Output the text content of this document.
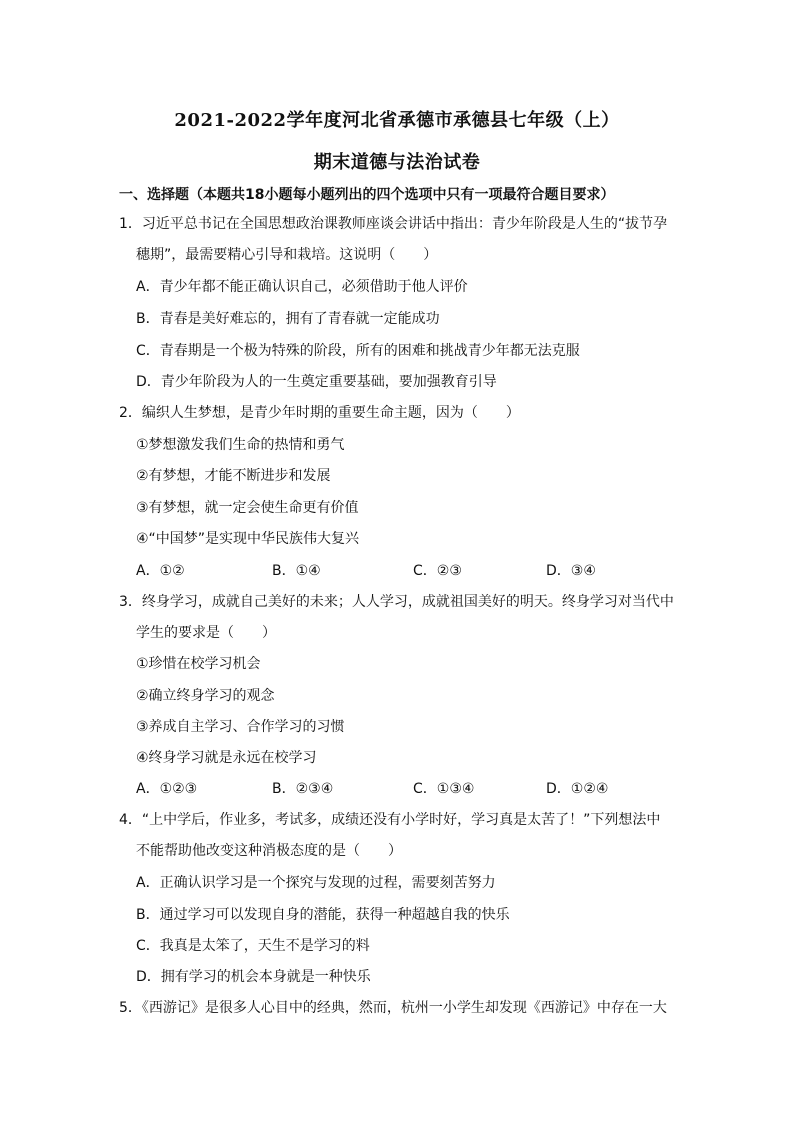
2021-2022学年度河北省承德市承德县七年级（上）
期末道德与法治试卷
一、选择题（本题共18小题每小题列出的四个选项中只有一项最符合题目要求）
1．习近平总书记在全国思想政治课教师座谈会讲话中指出：青少年阶段是人生的“拔节孕
穗期”，最需要精心引导和栽培。这说明（　　）
A．青少年都不能正确认识自己，必须借助于他人评价
B．青春是美好难忘的，拥有了青春就一定能成功
C．青春期是一个极为特殊的阶段，所有的困难和挑战青少年都无法克服
D．青少年阶段为人的一生奠定重要基础，要加强教育引导
2．编织人生梦想，是青少年时期的重要生命主题，因为（　　）
①梦想激发我们生命的热情和勇气
②有梦想，才能不断进步和发展
③有梦想，就一定会使生命更有价值
④“中国梦”是实现中华民族伟大复兴
A．①②	B．①④	C．②③	D．③④
3．终身学习，成就自己美好的未来；人人学习，成就祖国美好的明天。终身学习对当代中
学生的要求是（　　）
①珍惜在校学习机会
②确立终身学习的观念
③养成自主学习、合作学习的习惯
④终身学习就是永远在校学习
A．①②③	B．②③④	C．①③④	D．①②④
4．“上中学后，作业多，考试多，成绩还没有小学时好，学习真是太苦了！”下列想法中
不能帮助他改变这种消极态度的是（　　）
A．正确认识学习是一个探究与发现的过程，需要刻苦努力
B．通过学习可以发现自身的潜能，获得一种超越自我的快乐
C．我真是太笨了，天生不是学习的料
D．拥有学习的机会本身就是一种快乐
5．《西游记》是很多人心目中的经典，然而，杭州一小学生却发现《西游记》中存在一大
